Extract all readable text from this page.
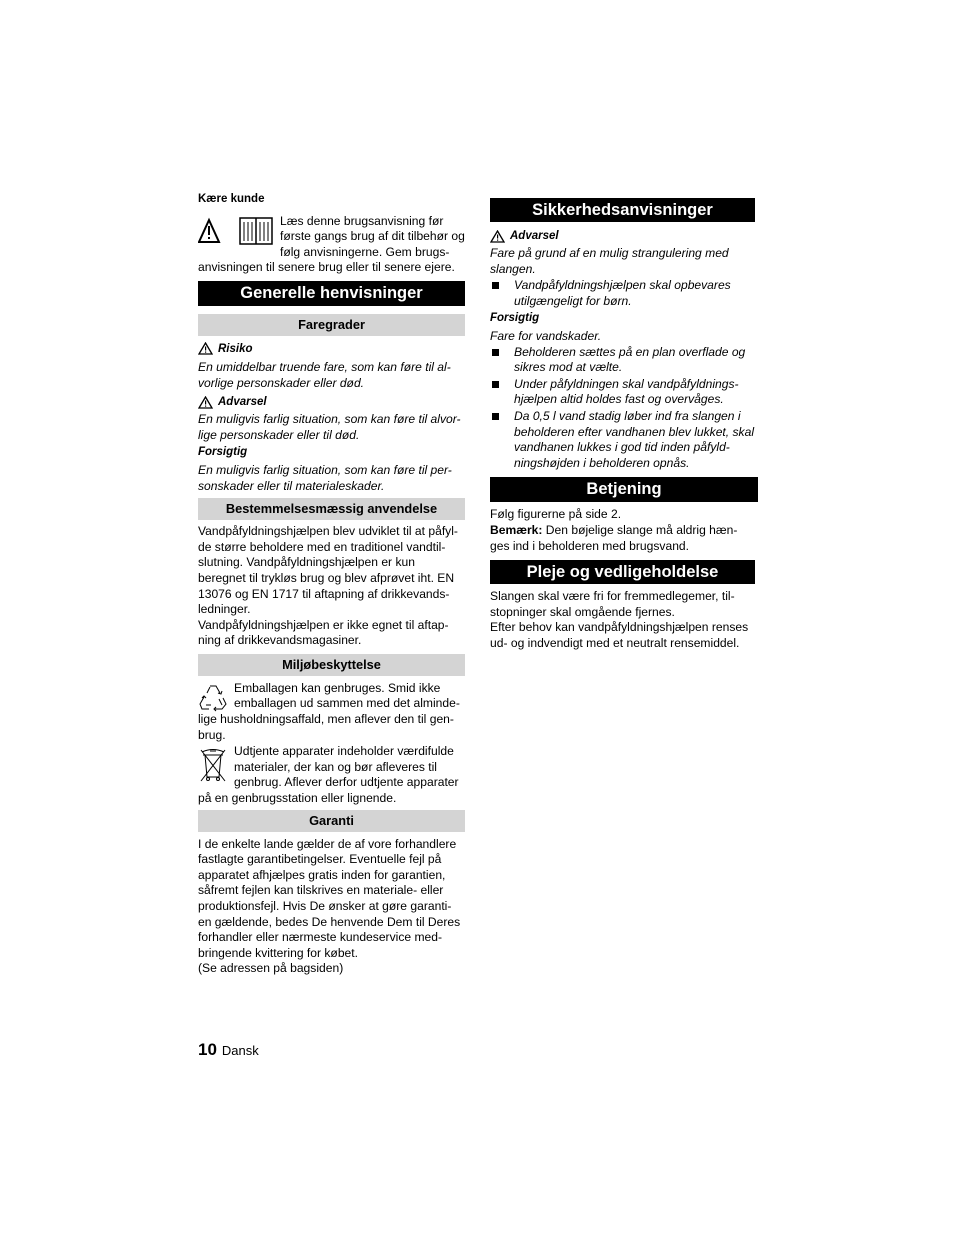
Kære kunde

Læs denne brugsanvisning før

første gangs brug af dit tilbehør og

følg anvisningerne. Gem brugs-

anvisningen til senere brug eller til senere ejere.

Generelle henvisninger
Faregrader
Risiko

En umiddelbar truende fare, som kan føre til al-

vorlige personskader eller død.

Advarsel

En muligvis farlig situation, som kan føre til alvor-

lige personskader eller til død.

Forsigtig

En muligvis farlig situation, som kan føre til per-

sonskader eller til materialeskader.

Bestemmelsesmæssig anvendelse

Vandpåfyldningshjælpen blev udviklet til at påfyl-

de større beholdere med en traditionel vandtil-

slutning. Vandpåfyldningshjælpen er kun

beregnet til trykløs brug og blev afprøvet iht. EN

13076 og EN 1717 til aftapning af drikkevands-

ledninger.

Vandpåfyldningshjælpen er ikke egnet til aftap-

ning af drikkevandsmagasiner.

Miljøbeskyttelse

Emballagen kan genbruges. Smid ikke

emballagen ud sammen med det alminde-

lige husholdningsaffald, men aflever den til gen-

brug.

Udtjente apparater indeholder værdifulde

materialer, der kan og bør afleveres til

genbrug. Aflever derfor udtjente apparater

på en genbrugsstation eller lignende.

Garanti

I de enkelte lande gælder de af vore forhandlere

fastlagte garantibetingelser. Eventuelle fejl på

apparatet afhjælpes gratis inden for garantien,

såfremt fejlen kan tilskrives en materiale- eller

produktionsfejl. Hvis De ønsker at gøre garanti-

en gældende, bedes De henvende Dem til Deres

forhandler eller nærmeste kundeservice med-

bringende kvittering for købet.

(Se adressen på bagsiden)

Sikkerhedsanvisninger
Advarsel

Fare på grund af en mulig strangulering med

slangen.

Vandpåfyldningshjælpen skal opbevares

utilgængeligt for børn.

Forsigtig

Fare for vandskader.

Beholderen sættes på en plan overflade og

sikres mod at vælte.

Under påfyldningen skal vandpåfyldnings-

hjælpen altid holdes fast og overvåges.

Da 0,5 l vand stadig løber ind fra slangen i

beholderen efter vandhanen blev lukket, skal

vandhanen lukkes i god tid inden påfyld-

ningshøjden i beholderen opnås.

Betjening

Følg figurerne på side 2.

Bemærk: Den bøjelige slange må aldrig hæn-

ges ind i beholderen med brugsvand.

Pleje og vedligeholdelse

Slangen skal være fri for fremmedlegemer, til-

stopninger skal omgående fjernes.

Efter behov kan vandpåfyldningshjælpen renses

ud- og indvendigt med et neutralt rensemiddel.

10 Dansk
